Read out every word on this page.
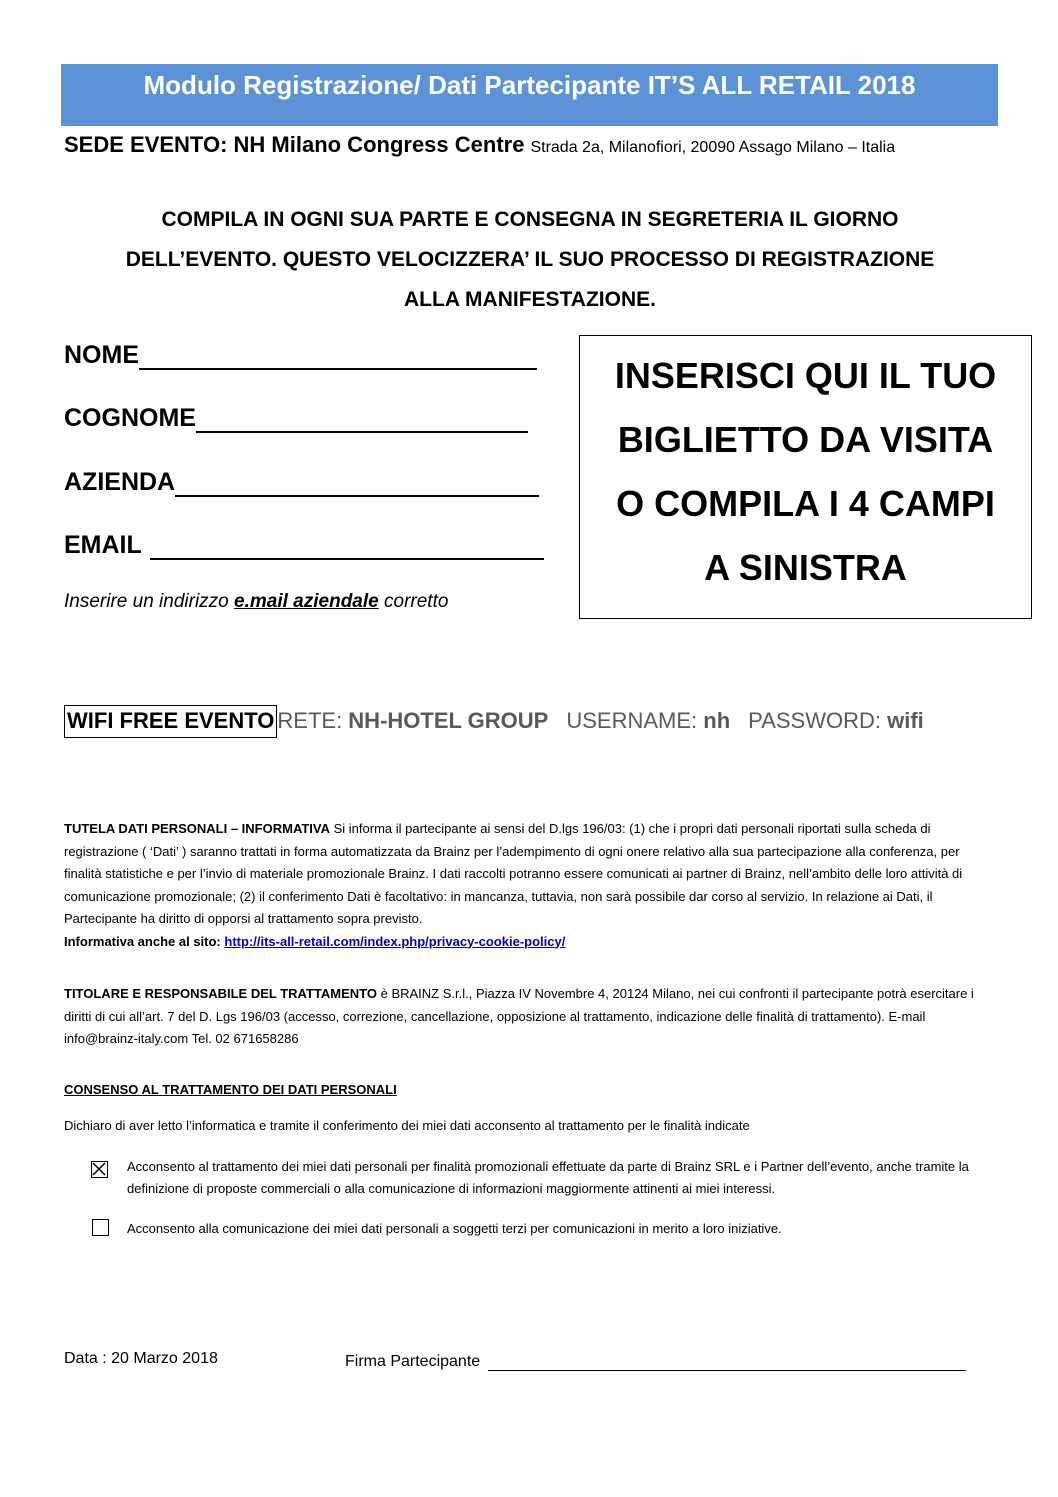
Modulo Registrazione/ Dati Partecipante IT’S ALL RETAIL 2018
SEDE EVENTO: NH Milano Congress Centre Strada 2a, Milanofiori, 20090 Assago Milano – Italia
COMPILA IN OGNI SUA PARTE E CONSEGNA IN SEGRETERIA IL GIORNO
DELL’EVENTO. QUESTO VELOCIZZERA’ IL SUO PROCESSO DI REGISTRAZIONE
ALLA MANIFESTAZIONE.
NOME
COGNOME
AZIENDA
EMAIL
Inserire un indirizzo e.mail aziendale corretto
INSERISCI QUI IL TUO
BIGLIETTO DA VISITA
O COMPILA I 4 CAMPI
A SINISTRA
WIFI FREE EVENTO RETE: NH-HOTEL GROUP USERNAME: nh PASSWORD: wifi
TUTELA DATI PERSONALI – INFORMATIVA Si informa il partecipante ai sensi del D.lgs 196/03: (1) che i propri dati personali riportati sulla scheda di registrazione ( ‘Dati’ ) saranno trattati in forma automatizzata da Brainz per l’adempimento di ogni onere relativo alla sua partecipazione alla conferenza, per finalità statistiche e per l’invio di materiale promozionale Brainz. I dati raccolti potranno essere comunicati ai partner di Brainz, nell’ambito delle loro attività di comunicazione promozionale; (2) il conferimento Dati è facoltativo: in mancanza, tuttavia, non sarà possibile dar corso al servizio. In relazione ai Dati, il Partecipante ha diritto di opporsi al trattamento sopra previsto.
Informativa anche al sito: http://its-all-retail.com/index.php/privacy-cookie-policy/
TITOLARE E RESPONSABILE DEL TRATTAMENTO è BRAINZ S.r.l., Piazza IV Novembre 4, 20124 Milano, nei cui confronti il partecipante potrà esercitare i diritti di cui all’art. 7 del D. Lgs 196/03 (accesso, correzione, cancellazione, opposizione al trattamento, indicazione delle finalità di trattamento). E-mail info@brainz-italy.com Tel. 02 671658286
CONSENSO AL TRATTAMENTO DEI DATI PERSONALI
Dichiaro di aver letto l’informatica e tramite il conferimento dei miei dati acconsento al trattamento per le finalità indicate
Acconsento al trattamento dei miei dati personali per finalità promozionali effettuate da parte di Brainz SRL e i Partner dell’evento, anche tramite la definizione di proposte commerciali o alla comunicazione di informazioni maggiormente attinenti ai miei interessi.
Acconsento alla comunicazione dei miei dati personali a soggetti terzi per comunicazioni in merito a loro iniziative.
Data : 20 Marzo 2018	Firma Partecipante
